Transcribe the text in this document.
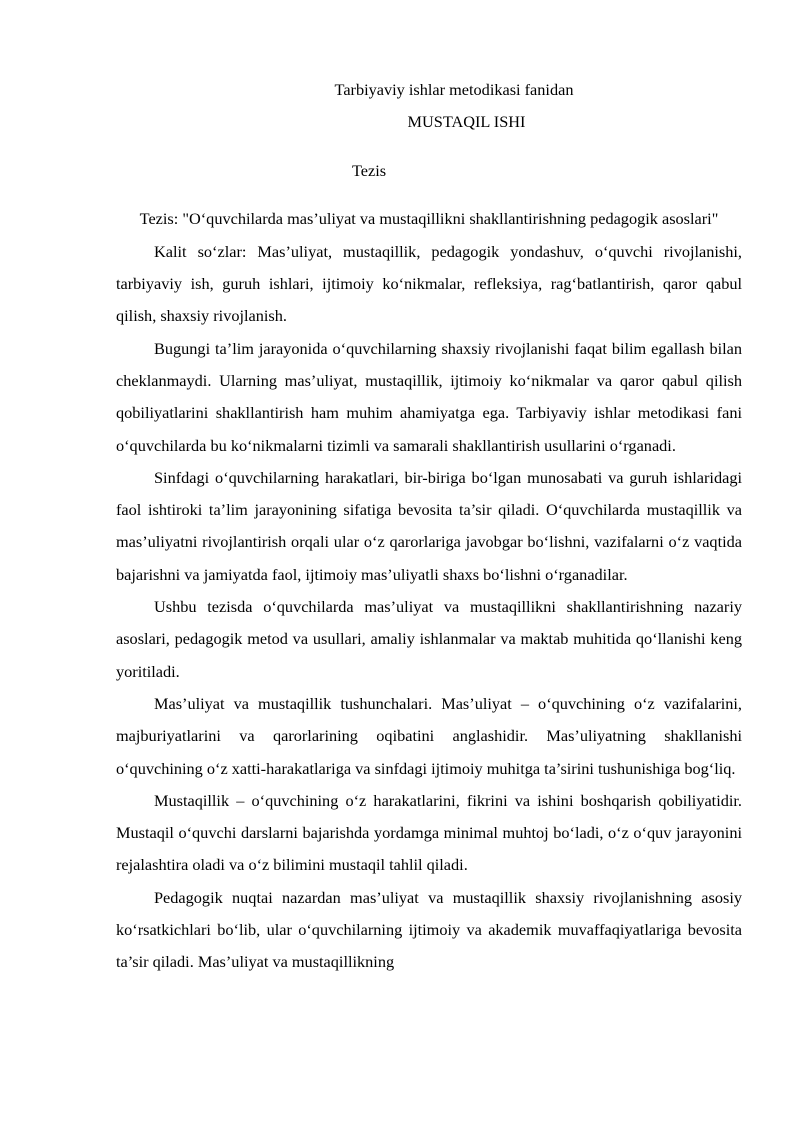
Tarbiyaviy ishlar metodikasi fanidan

MUSTAQIL ISHI

Tezis

Tezis: "O‘quvchilarda mas’uliyat va mustaqillikni shakllantirishning pedagogik asoslari"

Kalit so‘zlar: Mas’uliyat, mustaqillik, pedagogik yondashuv, o‘quvchi rivojlanishi, tarbiyaviy ish, guruh ishlari, ijtimoiy ko‘nikmalar, refleksiya, rag‘batlantirish, qaror qabul qilish, shaxsiy rivojlanish.

Bugungi ta’lim jarayonida o‘quvchilarning shaxsiy rivojlanishi faqat bilim egallash bilan cheklanmaydi. Ularning mas’uliyat, mustaqillik, ijtimoiy ko‘nikmalar va qaror qabul qilish qobiliyatlarini shakllantirish ham muhim ahamiyatga ega. Tarbiyaviy ishlar metodikasi fani o‘quvchilarda bu ko‘nikmalarni tizimli va samarali shakllantirish usullarini o‘rganadi.

Sinfdagi o‘quvchilarning harakatlari, bir-biriga bo‘lgan munosabati va guruh ishlaridagi faol ishtiroki ta’lim jarayonining sifatiga bevosita ta’sir qiladi. O‘quvchilarda mustaqillik va mas’uliyatni rivojlantirish orqali ular o‘z qarorlariga javobgar bo‘lishni, vazifalarni o‘z vaqtida bajarishni va jamiyatda faol, ijtimoiy mas’uliyatli shaxs bo‘lishni o‘rganadilar.

Ushbu tezisda o‘quvchilarda mas’uliyat va mustaqillikni shakllantirishning nazariy asoslari, pedagogik metod va usullari, amaliy ishlanmalar va maktab muhitida qo‘llanishi keng yoritiladi.

Mas’uliyat va mustaqillik tushunchalari. Mas’uliyat – o‘quvchining o‘z vazifalarini, majburiyatlarini va qarorlarining oqibatini anglashidir. Mas’uliyatning shakllanishi o‘quvchining o‘z xatti-harakatlariga va sinfdagi ijtimoiy muhitga ta’sirini tushunishiga bog‘liq.

Mustaqillik – o‘quvchining o‘z harakatlarini, fikrini va ishini boshqarish qobiliyatidir. Mustaqil o‘quvchi darslarni bajarishda yordamga minimal muhtoj bo‘ladi, o‘z o‘quv jarayonini rejalashtira oladi va o‘z bilimini mustaqil tahlil qiladi.

Pedagogik nuqtai nazardan mas’uliyat va mustaqillik shaxsiy rivojlanishning asosiy ko‘rsatkichlari bo‘lib, ular o‘quvchilarning ijtimoiy va akademik muvaffaqiyatlariga bevosita ta’sir qiladi. Mas’uliyat va mustaqillikning
